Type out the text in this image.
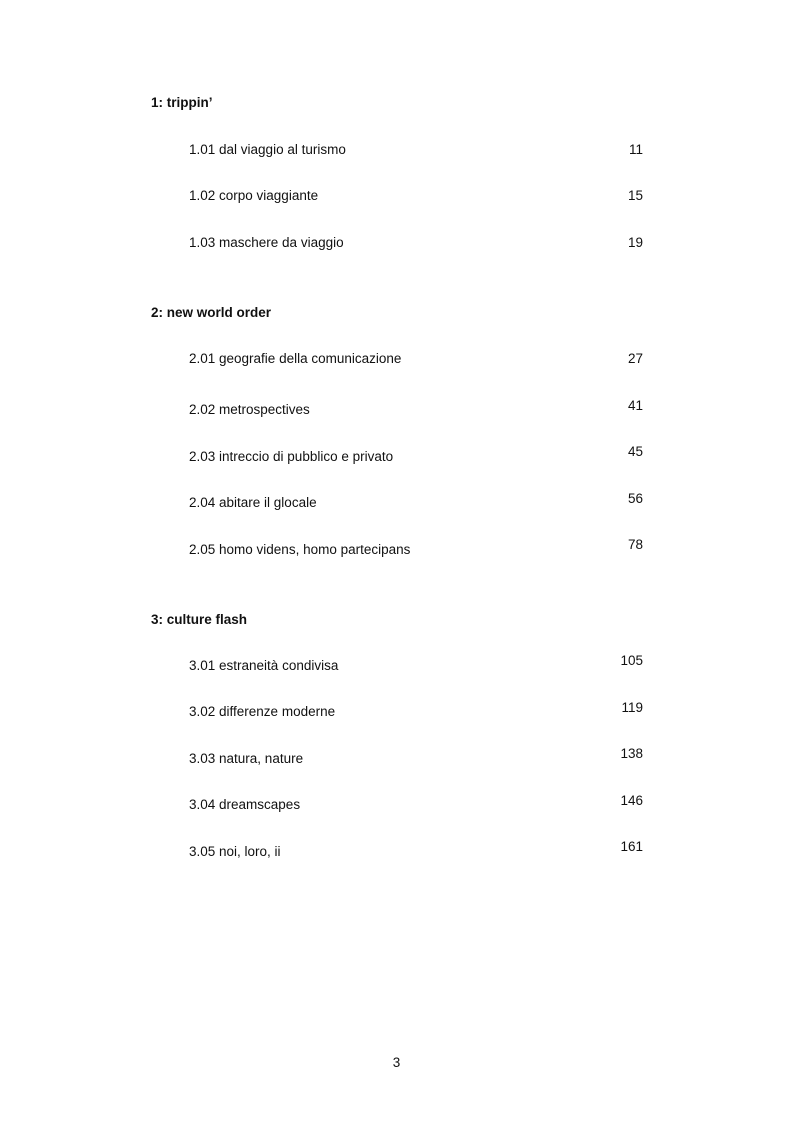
1: trippin’
1.01 dal viaggio al turismo	11
1.02 corpo viaggiante	15
1.03 maschere da viaggio	19
2: new world order
2.01 geografie della comunicazione	27
2.02 metrospectives	41
2.03 intreccio di pubblico e privato	45
2.04 abitare il glocale	56
2.05 homo videns, homo partecipans	78
3: culture flash
3.01 estraneità condivisa	105
3.02 differenze moderne	119
3.03 natura, nature	138
3.04 dreamscapes	146
3.05 noi, loro, ii	161
3
